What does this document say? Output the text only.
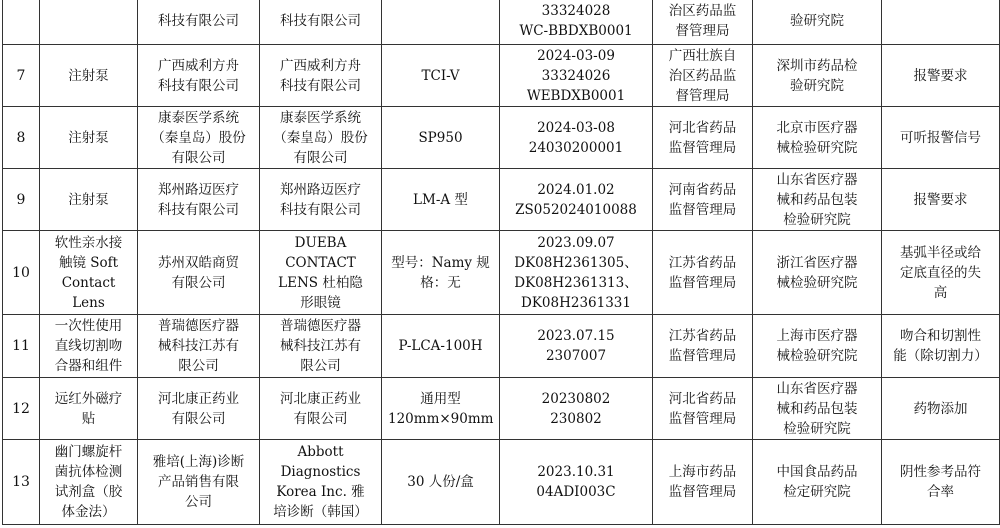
		科技有限公司	科技有限公司		33324028
WC-BBDXB0001	治区药品监
督管理局	验研究院	

7	注射泵	广西威利方舟
科技有限公司	广西威利方舟
科技有限公司	TCI-V	2024-03-09
33324026
WEBDXB0001	广西壮族自
治区药品监
督管理局	深圳市药品检
验研究院	报警要求

8	注射泵	康泰医学系统
（秦皇岛）股份
有限公司	康泰医学系统
（秦皇岛）股份
有限公司	SP950	2024-03-08
24030200001	河北省药品
监督管理局	北京市医疗器
械检验研究院	可听报警信号

9	注射泵	郑州路迈医疗
科技有限公司	郑州路迈医疗
科技有限公司	LM-A 型	2024.01.02
ZS052024010088	河南省药品
监督管理局	山东省医疗器
械和药品包装
检验研究院	报警要求

10	软性亲水接
触镜 Soft
Contact
Lens	苏州双皓商贸
有限公司	DUEBA
CONTACT
LENS 杜柏隐
形眼镜	型号：Namy 规
格：无	2023.09.07
DK08H2361305、
DK08H2361313、
DK08H2361331	江苏省药品
监督管理局	浙江省医疗器
械检验研究院	基弧半径或给
定底直径的失
高

11	一次性使用
直线切割吻
合器和组件	普瑞德医疗器
械科技江苏有
限公司	普瑞德医疗器
械科技江苏有
限公司	P-LCA-100H	2023.07.15
2307007	江苏省药品
监督管理局	上海市医疗器
械检验研究院	吻合和切割性
能（除切割力）

12	远红外磁疗
贴	河北康正药业
有限公司	河北康正药业
有限公司	通用型
120mm×90mm	20230802
230802	河北省药品
监督管理局	山东省医疗器
械和药品包装
检验研究院	药物添加

13	幽门螺旋杆
菌抗体检测
试剂盒（胶
体金法）	雅培(上海)诊断
产品销售有限
公司	Abbott
Diagnostics
Korea Inc. 雅
培诊断（韩国）	30 人份/盒	2023.10.31
04ADI003C	上海市药品
监督管理局	中国食品药品
检定研究院	阴性参考品符
合率
